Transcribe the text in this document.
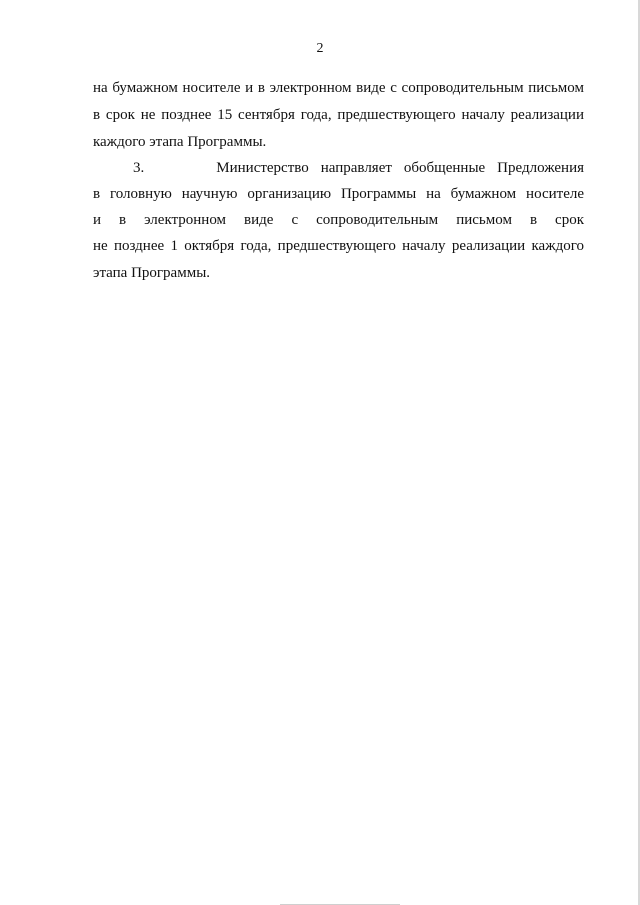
2
на бумажном носителе и в электронном виде с сопроводительным письмом
в срок не позднее 15 сентября года, предшествующего началу реализации
каждого этапа Программы.
3.      Министерство направляет обобщенные Предложения
в головную научную организацию Программы на бумажном носителе
и в электронном виде с сопроводительным письмом в срок
не позднее 1 октября года, предшествующего началу реализации каждого
этапа Программы.
